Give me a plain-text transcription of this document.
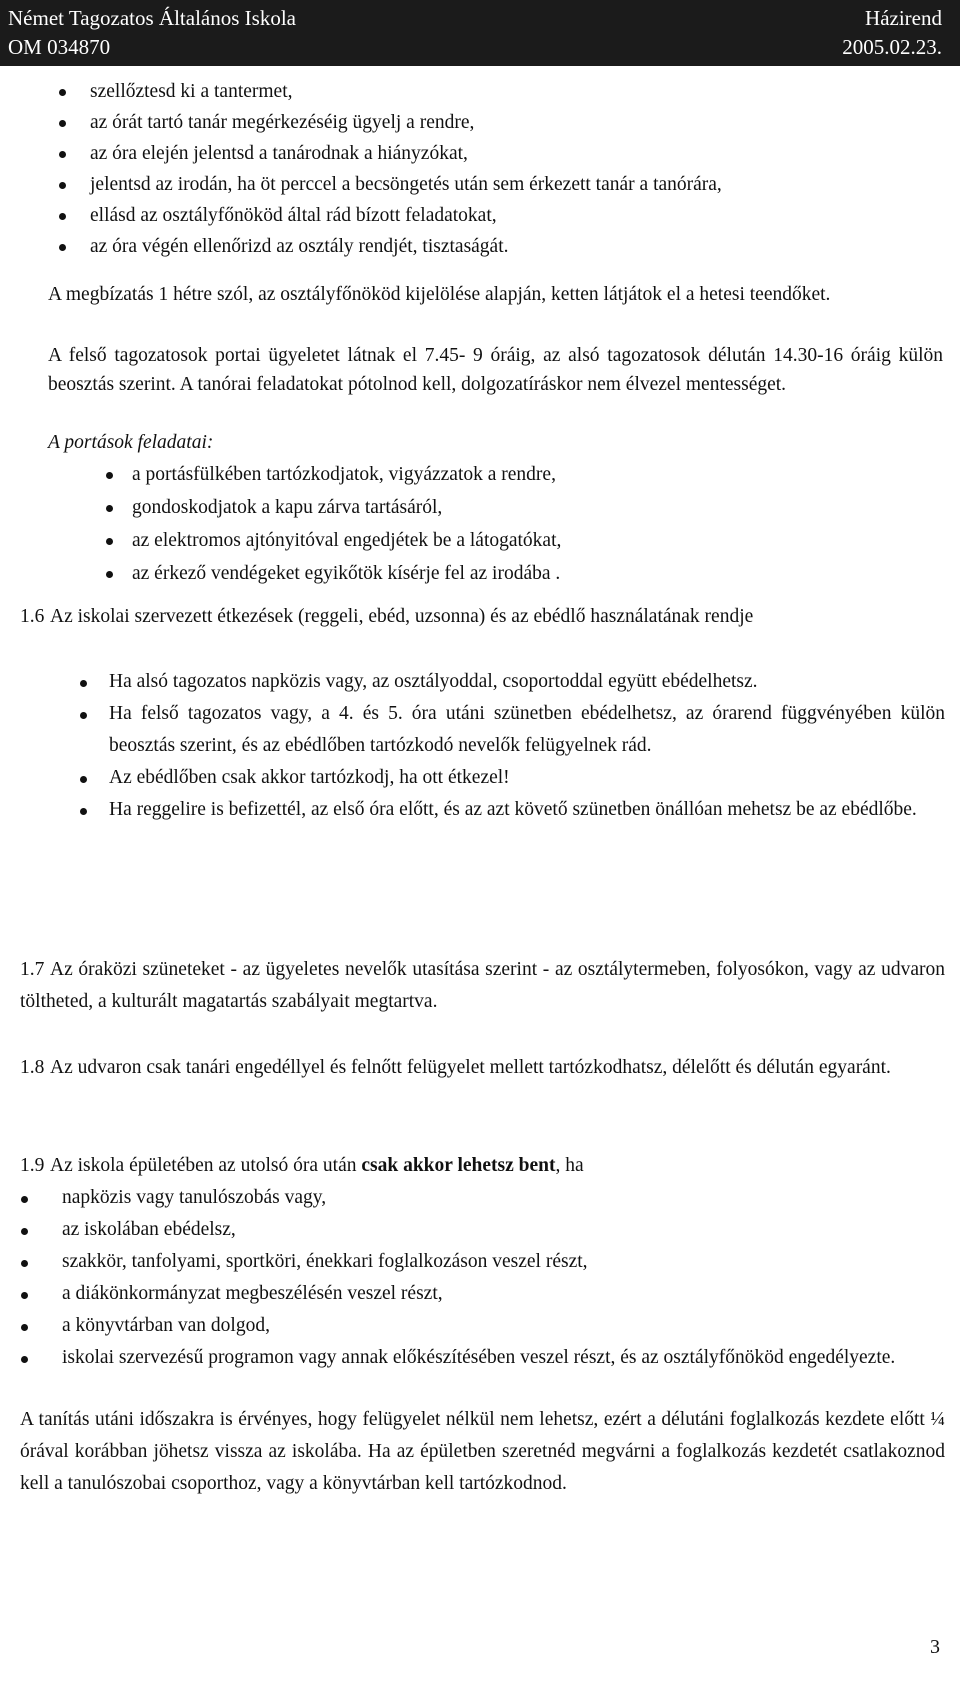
Német Tagozatos Általános Iskola	Házirend
OM 034870	2005.02.23.
szellőztesd ki a tantermet,
az órát tartó tanár megérkezéséig ügyelj a rendre,
az óra elején jelentsd a tanárodnak a hiányzókat,
jelentsd az irodán, ha öt perccel a becsöngetés után sem érkezett tanár a tanórára,
ellásd az osztályfőnököd által rád bízott feladatokat,
az óra végén ellenőrizd az osztály rendjét, tisztaságát.
A megbízatás 1 hétre szól, az osztályfőnököd kijelölése alapján, ketten látjátok el a hetesi teendőket.
A felső tagozatosok portai ügyeletet látnak el 7.45- 9 óráig, az alsó tagozatosok délután 14.30-16 óráig külön beosztás szerint. A tanórai feladatokat pótolnod kell, dolgozatíráskor nem élvezel mentességet.
A portások feladatai:
a portásfülkében tartózkodjatok, vigyázzatok a rendre,
gondoskodjatok a kapu zárva tartásáról,
az elektromos ajtónyitóval engedjétek be a látogatókat,
az érkező vendégeket egyikőtök kísérje fel az irodába .
1.6 Az iskolai szervezett étkezések (reggeli, ebéd, uzsonna) és az ebédlő használatának rendje
Ha alsó tagozatos napközis vagy, az osztályoddal, csoportoddal együtt ebédelhetsz.
Ha felső tagozatos vagy, a 4. és 5. óra utáni szünetben ebédelhetsz, az órarend függvényében külön beosztás szerint, és az ebédlőben tartózkodó nevelők felügyelnek rád.
Az ebédlőben csak akkor tartózkodj, ha ott étkezel!
Ha reggelire is befizettél, az első óra előtt, és az azt követő szünetben önállóan mehetsz be az ebédlőbe.
1.7 Az óraközi szüneteket - az ügyeletes nevelők utasítása szerint - az osztálytermeben, folyosókon, vagy az udvaron töltheted, a kulturált magatartás szabályait megtartva.
1.8 Az udvaron csak tanári engedéllyel és felnőtt felügyelet mellett tartózkodhatsz, délelőtt és délután egyaránt.
1.9 Az iskola épületében az utolsó óra után csak akkor lehetsz bent, ha
napközis vagy tanulószobás vagy,
az iskolában ebédelsz,
szakkör, tanfolyami, sportköri, énekkari foglalkozáson veszel részt,
a diákönkormányzat megbeszélésén veszel részt,
a könyvtárban van dolgod,
iskolai szervezésű programon vagy annak előkészítésében veszel részt, és az osztályfőnököd engedélyezte.
A tanítás utáni időszakra is érvényes, hogy felügyelet nélkül nem lehetsz, ezért a délutáni foglalkozás kezdete előtt ¼ órával korábban jöhetsz vissza az iskolába. Ha az épületben szeretnéd megvárni a foglalkozás kezdetét csatlakoznod kell a tanulószobai csoporthoz, vagy a könyvtárban kell tartózkodnod.
3
